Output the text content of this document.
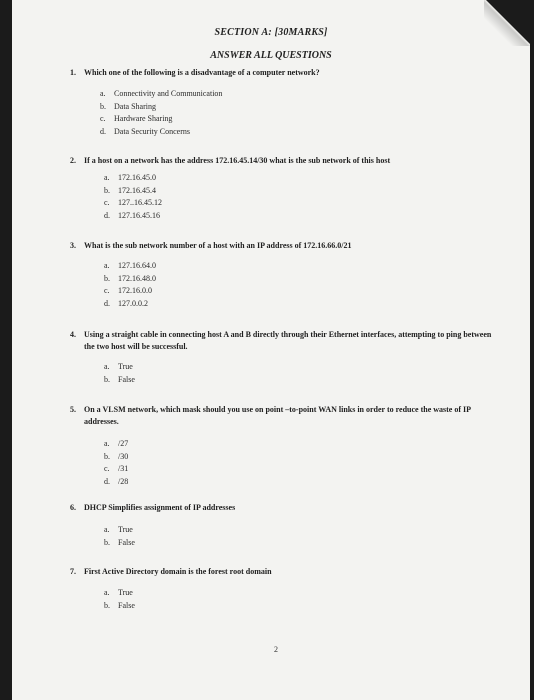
SECTION A: [30MARKS]
ANSWER ALL QUESTIONS
1. Which one of the following is a disadvantage of a computer network?
a. Connectivity and Communication
b. Data Sharing
c. Hardware Sharing
d. Data Security Concerns
2. If a host on a network has the address 172.16.45.14/30 what is the sub network of this host
a. 172.16.45.0
b. 172.16.45.4
c. 127..16.45.12
d. 127.16.45.16
3. What is the sub network number of a host with an IP address of 172.16.66.0/21
a. 127.16.64.0
b. 172.16.48.0
c. 172.16.0.0
d. 127.0.0.2
4. Using a straight cable in connecting host A and B directly through their Ethernet interfaces, attempting to ping between the two host will be successful.
a. True
b. False
5. On a VLSM network, which mask should you use on point –to-point WAN links in order to reduce the waste of IP addresses.
a. /27
b. /30
c. /31
d. /28
6. DHCP Simplifies assignment of IP addresses
a. True
b. False
7. First Active Directory domain is the forest root domain
a. True
b. False
2
